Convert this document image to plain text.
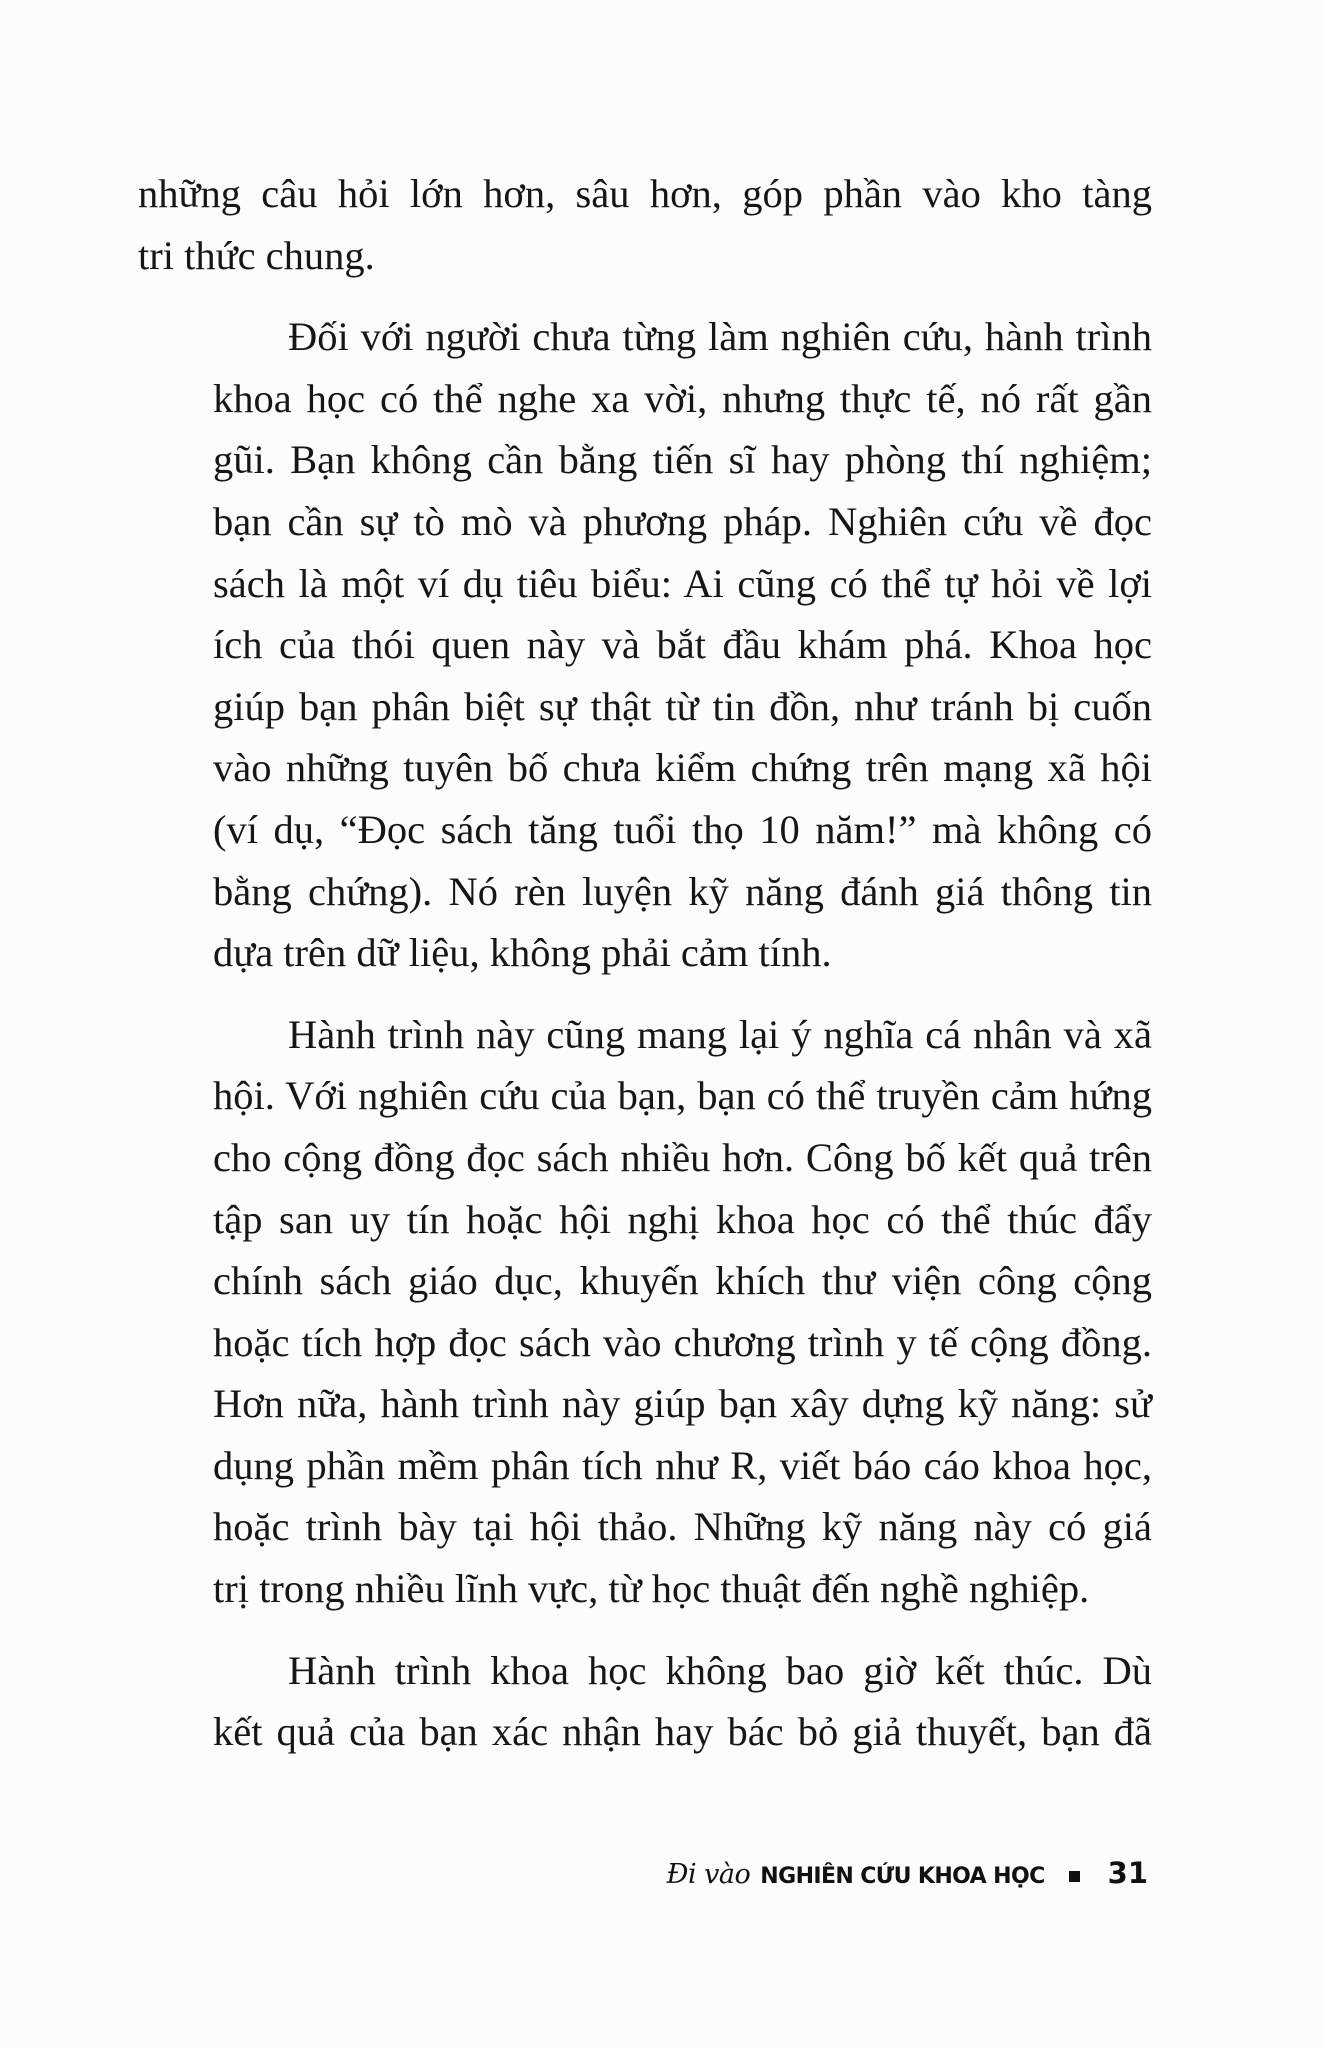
những câu hỏi lớn hơn, sâu hơn, góp phần vào kho tàng
tri thức chung.

Đối với người chưa từng làm nghiên cứu, hành trình
khoa học có thể nghe xa vời, nhưng thực tế, nó rất gần
gũi. Bạn không cần bằng tiến sĩ hay phòng thí nghiệm;
bạn cần sự tò mò và phương pháp. Nghiên cứu về đọc
sách là một ví dụ tiêu biểu: Ai cũng có thể tự hỏi về lợi
ích của thói quen này và bắt đầu khám phá. Khoa học
giúp bạn phân biệt sự thật từ tin đồn, như tránh bị cuốn
vào những tuyên bố chưa kiểm chứng trên mạng xã hội
(ví dụ, “Đọc sách tăng tuổi thọ 10 năm!” mà không có
bằng chứng). Nó rèn luyện kỹ năng đánh giá thông tin
dựa trên dữ liệu, không phải cảm tính.

Hành trình này cũng mang lại ý nghĩa cá nhân và xã
hội. Với nghiên cứu của bạn, bạn có thể truyền cảm hứng
cho cộng đồng đọc sách nhiều hơn. Công bố kết quả trên
tập san uy tín hoặc hội nghị khoa học có thể thúc đẩy
chính sách giáo dục, khuyến khích thư viện công cộng
hoặc tích hợp đọc sách vào chương trình y tế cộng đồng.
Hơn nữa, hành trình này giúp bạn xây dựng kỹ năng: sử
dụng phần mềm phân tích như R, viết báo cáo khoa học,
hoặc trình bày tại hội thảo. Những kỹ năng này có giá
trị trong nhiều lĩnh vực, từ học thuật đến nghề nghiệp.

Hành trình khoa học không bao giờ kết thúc. Dù
kết quả của bạn xác nhận hay bác bỏ giả thuyết, bạn đã

Đi vào NGHIÊN CỨU KHOA HỌC 31
